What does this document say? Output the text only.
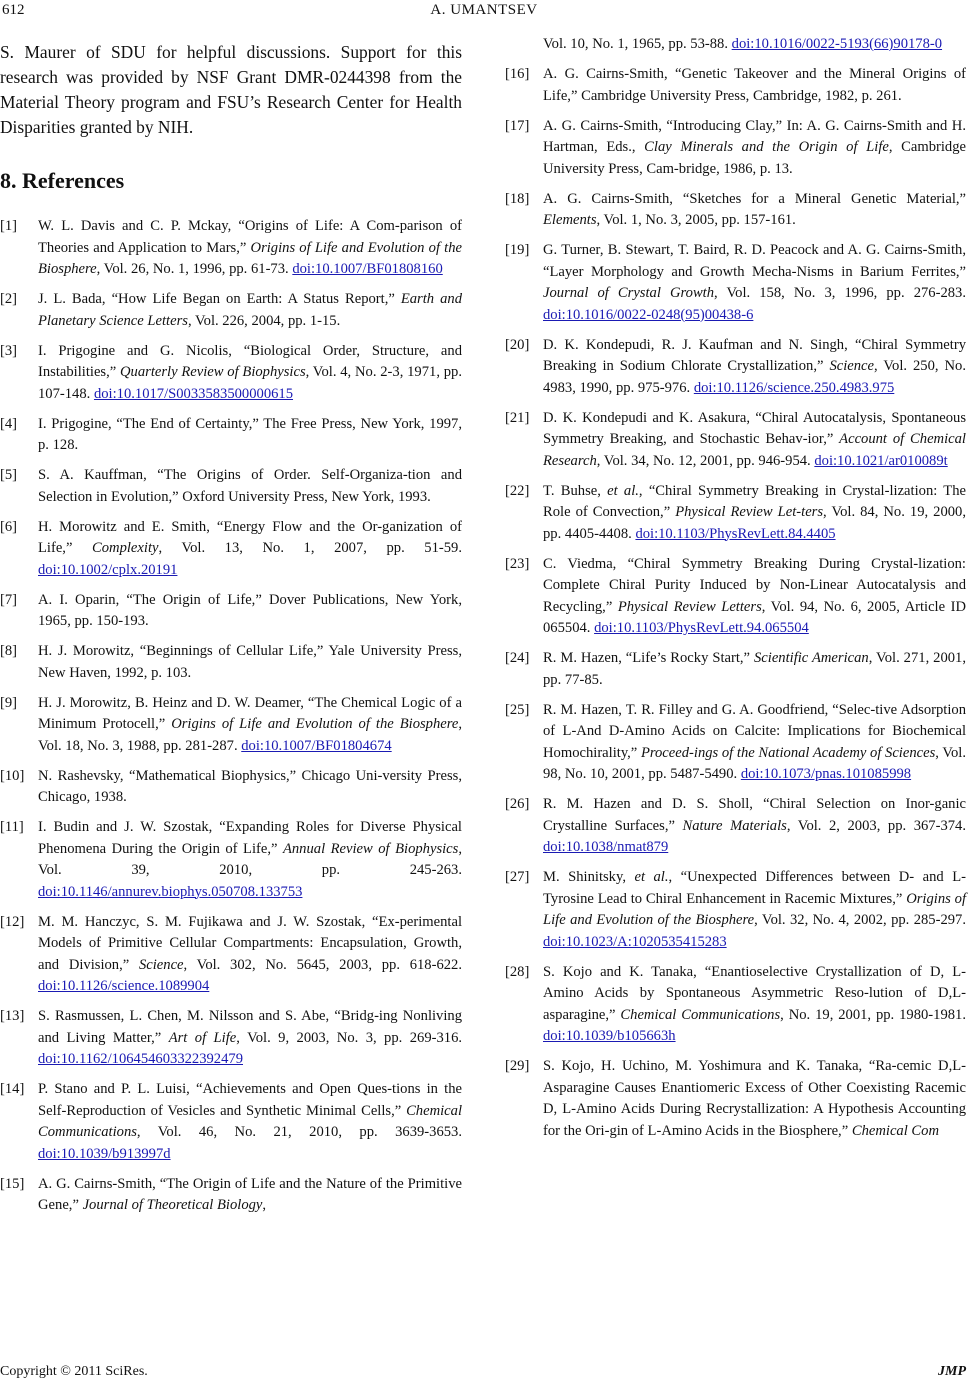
612	A. UMANTSEV

S. Maurer of SDU for helpful discussions. Support for this research was provided by NSF Grant DMR-0244398 from the Material Theory program and FSU’s Research Center for Health Disparities granted by NIH.

8. References
[1]	W. L. Davis and C. P. Mckay, “Origins of Life: A Com-parison of Theories and Application to Mars,” Origins of Life and Evolution of the Biosphere, Vol. 26, No. 1, 1996, pp. 61-73. doi:10.1007/BF01808160
[2]	J. L. Bada, “How Life Began on Earth: A Status Report,” Earth and Planetary Science Letters, Vol. 226, 2004, pp. 1-15.
[3]	I. Prigogine and G. Nicolis, “Biological Order, Structure, and Instabilities,” Quarterly Review of Biophysics, Vol. 4, No. 2-3, 1971, pp. 107-148. doi:10.1017/S0033583500000615
[4]	I. Prigogine, “The End of Certainty,” The Free Press, New York, 1997, p. 128.
[5]	S. A. Kauffman, “The Origins of Order. Self-Organiza-tion and Selection in Evolution,” Oxford University Press, New York, 1993.
[6]	H. Morowitz and E. Smith, “Energy Flow and the Or-ganization of Life,” Complexity, Vol. 13, No. 1, 2007, pp. 51-59. doi:10.1002/cplx.20191
[7]	A. I. Oparin, “The Origin of Life,” Dover Publications, New York, 1965, pp. 150-193.
[8]	H. J. Morowitz, “Beginnings of Cellular Life,” Yale University Press, New Haven, 1992, p. 103.
[9]	H. J. Morowitz, B. Heinz and D. W. Deamer, “The Chemical Logic of a Minimum Protocell,” Origins of Life and Evolution of the Biosphere, Vol. 18, No. 3, 1988, pp. 281-287. doi:10.1007/BF01804674
[10] N. Rashevsky, “Mathematical Biophysics,” Chicago Uni-versity Press, Chicago, 1938.
[11] I. Budin and J. W. Szostak, “Expanding Roles for Diverse Physical Phenomena During the Origin of Life,” Annual Review of Biophysics, Vol. 39, 2010, pp. 245-263. doi:10.1146/annurev.biophys.050708.133753
[12] M. M. Hanczyc, S. M. Fujikawa and J. W. Szostak, “Ex-perimental Models of Primitive Cellular Compartments: Encapsulation, Growth, and Division,” Science, Vol. 302, No. 5645, 2003, pp. 618-622. doi:10.1126/science.1089904
[13] S. Rasmussen, L. Chen, M. Nilsson and S. Abe, “Bridg-ing Nonliving and Living Matter,” Art of Life, Vol. 9, 2003, No. 3, pp. 269-316. doi:10.1162/106454603322392479
[14] P. Stano and P. L. Luisi, “Achievements and Open Ques-tions in the Self-Reproduction of Vesicles and Synthetic Minimal Cells,” Chemical Communications, Vol. 46, No. 21, 2010, pp. 3639-3653. doi:10.1039/b913997d
[15] A. G. Cairns-Smith, “The Origin of Life and the Nature of the Primitive Gene,” Journal of Theoretical Biology,
Vol. 10, No. 1, 1965, pp. 53-88. doi:10.1016/0022-5193(66)90178-0
[16] A. G. Cairns-Smith, “Genetic Takeover and the Mineral Origins of Life,” Cambridge University Press, Cambridge, 1982, p. 261.
[17] A. G. Cairns-Smith, “Introducing Clay,” In: A. G. Cairns-Smith and H. Hartman, Eds., Clay Minerals and the Origin of Life, Cambridge University Press, Cam-bridge, 1986, p. 13.
[18] A. G. Cairns-Smith, “Sketches for a Mineral Genetic Material,” Elements, Vol. 1, No. 3, 2005, pp. 157-161.
[19] G. Turner, B. Stewart, T. Baird, R. D. Peacock and A. G. Cairns-Smith, “Layer Morphology and Growth Mecha-Nisms in Barium Ferrites,” Journal of Crystal Growth, Vol. 158, No. 3, 1996, pp. 276-283. doi:10.1016/0022-0248(95)00438-6
[20] D. K. Kondepudi, R. J. Kaufman and N. Singh, “Chiral Symmetry Breaking in Sodium Chlorate Crystallization,” Science, Vol. 250, No. 4983, 1990, pp. 975-976. doi:10.1126/science.250.4983.975
[21] D. K. Kondepudi and K. Asakura, “Chiral Autocatalysis, Spontaneous Symmetry Breaking, and Stochastic Behav-ior,” Account of Chemical Research, Vol. 34, No. 12, 2001, pp. 946-954. doi:10.1021/ar010089t
[22] T. Buhse, et al., “Chiral Symmetry Breaking in Crystal-lization: The Role of Convection,” Physical Review Let-ters, Vol. 84, No. 19, 2000, pp. 4405-4408. doi:10.1103/PhysRevLett.84.4405
[23] C. Viedma, “Chiral Symmetry Breaking During Crystal-lization: Complete Chiral Purity Induced by Non-Linear Autocatalysis and Recycling,” Physical Review Letters, Vol. 94, No. 6, 2005, Article ID 065504. doi:10.1103/PhysRevLett.94.065504
[24] R. M. Hazen, “Life’s Rocky Start,” Scientific American, Vol. 271, 2001, pp. 77-85.
[25] R. M. Hazen, T. R. Filley and G. A. Goodfriend, “Selec-tive Adsorption of L-And D-Amino Acids on Calcite: Implications for Biochemical Homochirality,” Proceed-ings of the National Academy of Sciences, Vol. 98, No. 10, 2001, pp. 5487-5490. doi:10.1073/pnas.101085998
[26] R. M. Hazen and D. S. Sholl, “Chiral Selection on Inor-ganic Crystalline Surfaces,” Nature Materials, Vol. 2, 2003, pp. 367-374. doi:10.1038/nmat879
[27] M. Shinitsky, et al., “Unexpected Differences between D- and L-Tyrosine Lead to Chiral Enhancement in Racemic Mixtures,” Origins of Life and Evolution of the Biosphere, Vol. 32, No. 4, 2002, pp. 285-297. doi:10.1023/A:1020535415283
[28] S. Kojo and K. Tanaka, “Enantioselective Crystallization of D, L-Amino Acids by Spontaneous Asymmetric Reso-lution of D,L-asparagine,” Chemical Communications, No. 19, 2001, pp. 1980-1981. doi:10.1039/b105663h
[29] S. Kojo, H. Uchino, M. Yoshimura and K. Tanaka, “Ra-cemic D,L-Asparagine Causes Enantiomeric Excess of Other Coexisting Racemic D, L-Amino Acids During Recrystallization: A Hypothesis Accounting for the Ori-gin of L-Amino Acids in the Biosphere,” Chemical Com
Copyright © 2011 SciRes.	JMP
